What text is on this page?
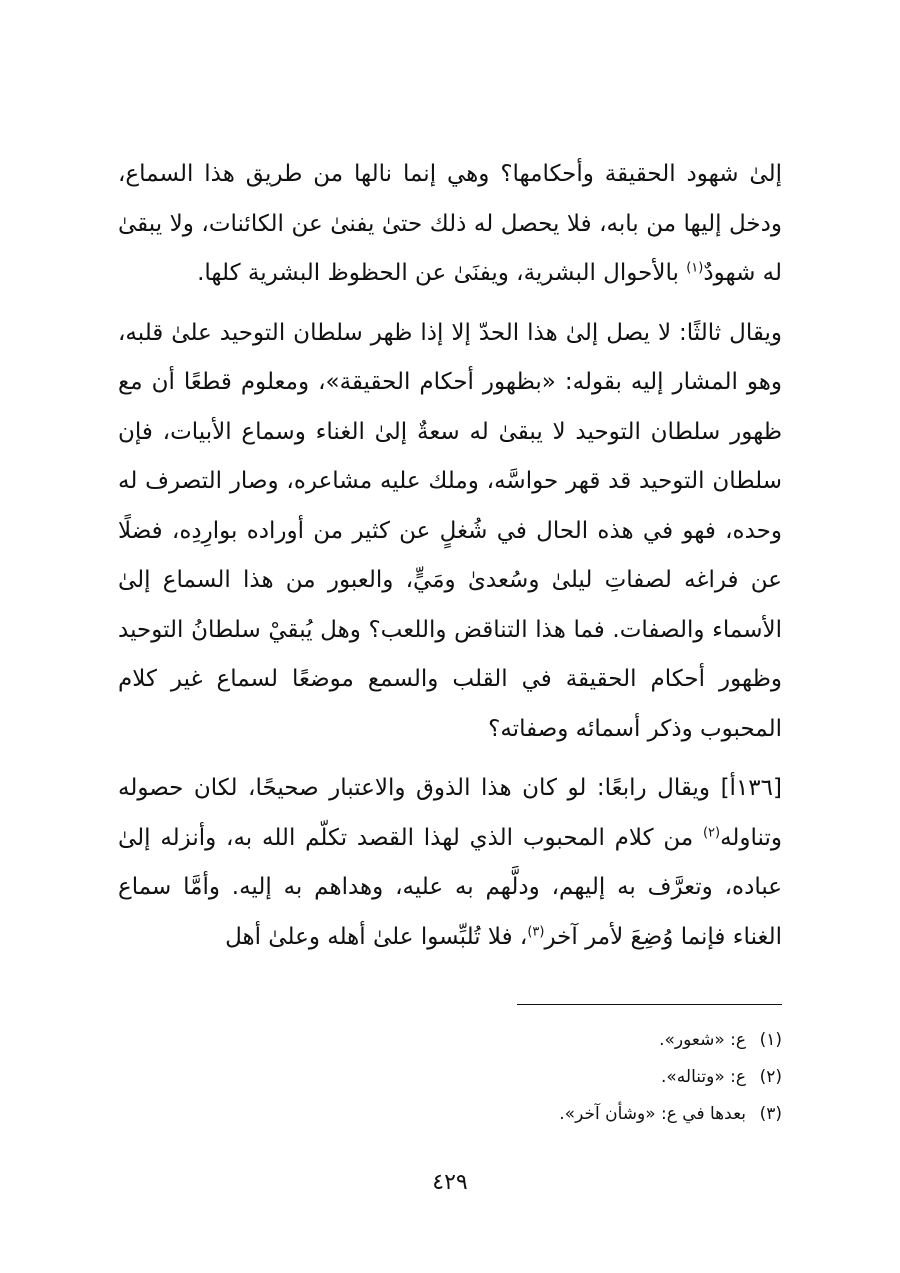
إلىٰ شهود الحقيقة وأحكامها؟ وهي إنما نالها من طريق هذا السماع، ودخل إليها من بابه، فلا يحصل له ذلك حتىٰ يفنىٰ عن الكائنات، ولا يبقىٰ له شهودٌ$^{(١)}$ بالأحوال البشرية، ويفنَىٰ عن الحظوظ البشرية كلها.

ويقال ثالثًا: لا يصل إلىٰ هذا الحدّ إلا إذا ظهر سلطان التوحيد علىٰ قلبه، وهو المشار إليه بقوله: «بظهور أحكام الحقيقة»، ومعلوم قطعًا أن مع ظهور سلطان التوحيد لا يبقىٰ له سعةٌ إلىٰ الغناء وسماع الأبيات، فإن سلطان التوحيد قد قهر حواسَّه، وملك عليه مشاعره، وصار التصرف له وحده، فهو في هذه الحال في شُغلٍ عن كثير من أوراده بوارِدِه، فضلًا عن فراغه لصفاتِ ليلىٰ وسُعدىٰ ومَيٍّ، والعبور من هذا السماع إلىٰ الأسماء والصفات. فما هذا التناقض واللعب؟ وهل يُبقيْ سلطانُ التوحيد وظهور أحكام الحقيقة في القلب والسمع موضعًا لسماع غير كلام المحبوب وذكر أسمائه وصفاته؟

[١٣٦أ] ويقال رابعًا: لو كان هذا الذوق والاعتبار صحيحًا، لكان حصوله وتناوله$^{(٢)}$ من كلام المحبوب الذي لهذا القصد تكلّم الله به، وأنزله إلىٰ عباده، وتعرَّف به إليهم، ودلَّهم به عليه، وهداهم به إليه. وأمَّا سماع الغناء فإنما وُضِعَ لأمر آخر$^{(٣)}$، فلا تُلبِّسوا علىٰ أهله وعلىٰ أهل

(١)ع: «شعور».
(٢)ع: «وتناله».
(٣)بعدها في ع: «وشأن آخر».
٤٢٩
